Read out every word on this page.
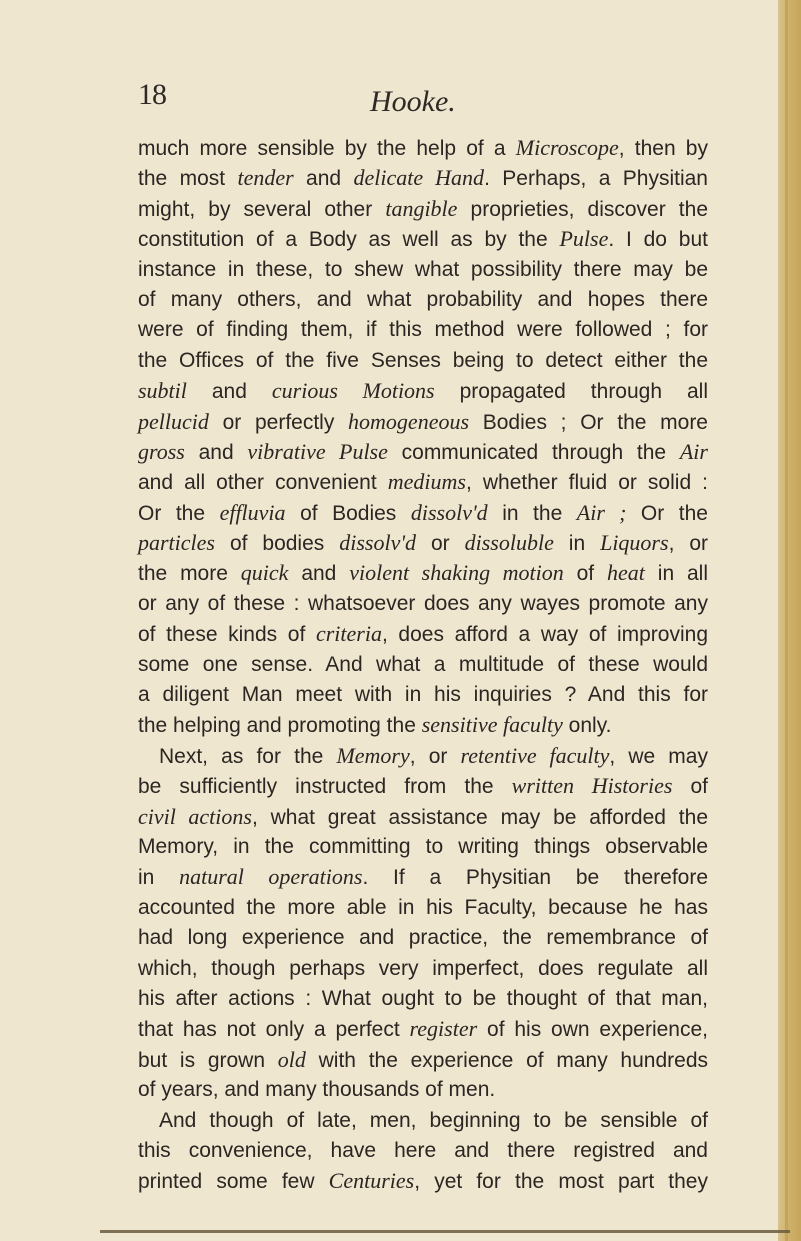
18	Hooke.
much more sensible by the help of a Microscope, then by
the most tender and delicate Hand. Perhaps, a Physitian
might, by several other tangible proprieties, discover the
constitution of a Body as well as by the Pulse. I do but
instance in these, to shew what possibility there may be
of many others, and what probability and hopes there
were of finding them, if this method were followed ; for
the Offices of the five Senses being to detect either the
subtil and curious Motions propagated through all
pellucid or perfectly homogeneous Bodies ; Or the more
gross and vibrative Pulse communicated through the Air
and all other convenient mediums, whether fluid or solid :
Or the effluvia of Bodies dissolv'd in the Air ; Or the
particles of bodies dissolv'd or dissoluble in Liquors, or
the more quick and violent shaking motion of heat in all
or any of these : whatsoever does any wayes promote any
of these kinds of criteria, does afford a way of improving
some one sense. And what a multitude of these would
a diligent Man meet with in his inquiries ? And this for
the helping and promoting the sensitive faculty only.
Next, as for the Memory, or retentive faculty, we may
be sufficiently instructed from the written Histories of
civil actions, what great assistance may be afforded the
Memory, in the committing to writing things observable
in natural operations. If a Physitian be therefore
accounted the more able in his Faculty, because he has
had long experience and practice, the remembrance of
which, though perhaps very imperfect, does regulate all
his after actions : What ought to be thought of that man,
that has not only a perfect register of his own experience,
but is grown old with the experience of many hundreds
of years, and many thousands of men.
And though of late, men, beginning to be sensible of
this convenience, have here and there registred and
printed some few Centuries, yet for the most part they
